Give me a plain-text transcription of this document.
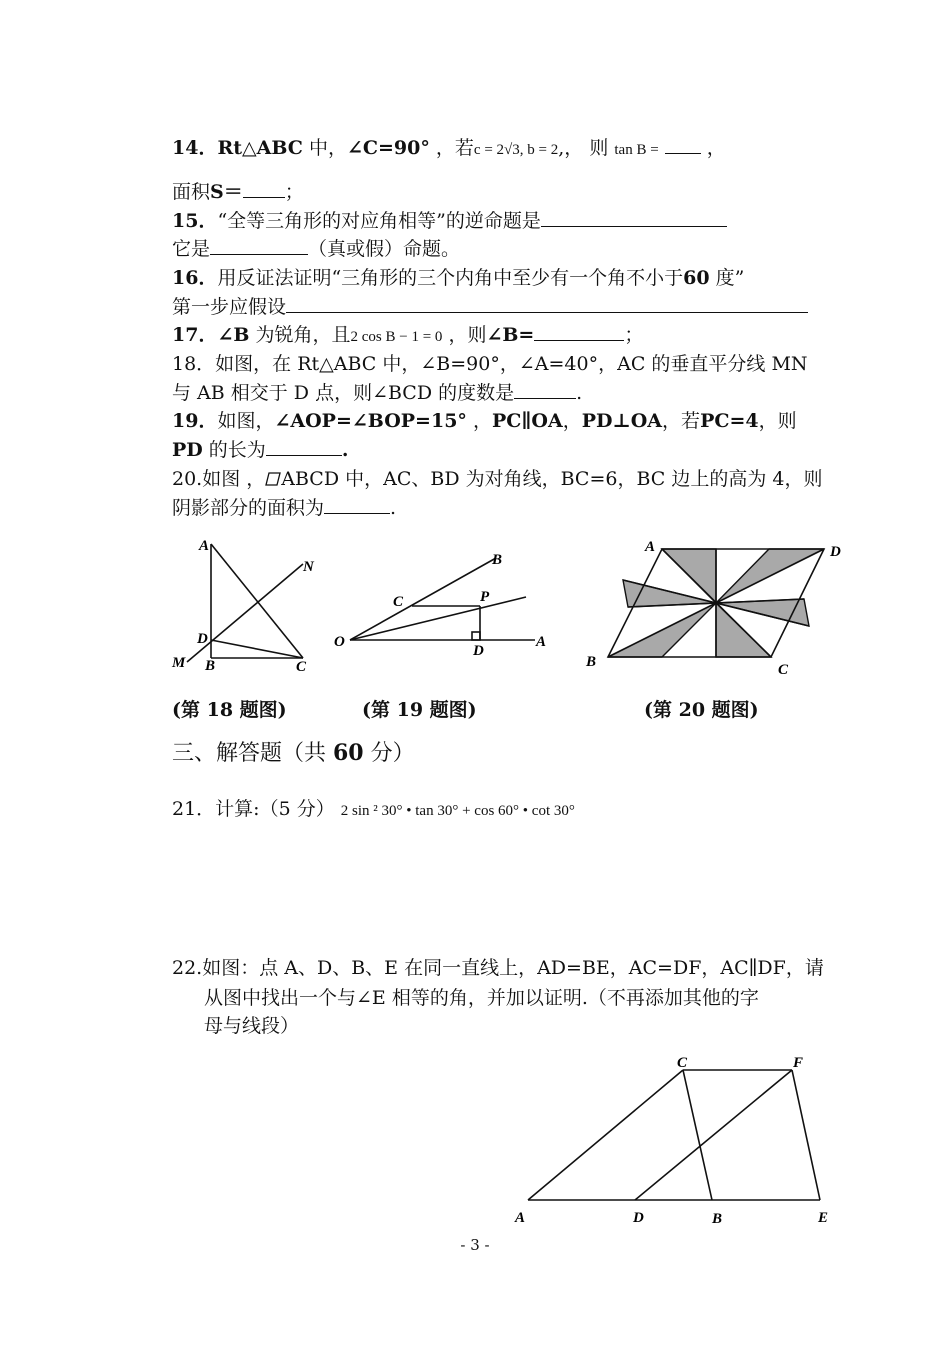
14．Rt△ABC 中，∠C=90° ，若c = 2√3, b = 2,， 则 tan B =  ，
面积S＝ ；
15．“全等三角形的对应角相等”的逆命题是
它是	（真或假）命题。
16．用反证法证明“三角形的三个内角中至少有一个角不小于60 度”
第一步应假设
17．∠B 为锐角，且2 cos B − 1 = 0 ，则∠B=	；
18．如图，在 Rt△ABC 中，∠B=90°，∠A=40°，AC 的垂直平分线 MN
与 AB 相交于 D 点，则∠BCD 的度数是	.
19．如图，∠AOP=∠BOP=15° ，PC∥OA，PD⊥OA，若PC=4，则
PD 的长为	.
20.如图 ， ABCD 中，AC、BD 为对角线，BC=6，BC 边上的高为 4，则
阴影部分的面积为	.
A
N
D
M B	C
O
B
C	P
D
A
A	D
B	C
(第 18 题图)	(第 19 题图)	(第 20 题图)
三、解答题（共 60 分）
21．计算:（5 分） 2 sin ² 30° • tan 30° + cos 60° • cot 30°
22.如图：点 A、D、B、E 在同一直线上，AD=BE，AC=DF，AC∥DF，请
从图中找出一个与∠E 相等的角，并加以证明.（不再添加其他的字
母与线段）
C	F
A	D	B	E
- 3 -
